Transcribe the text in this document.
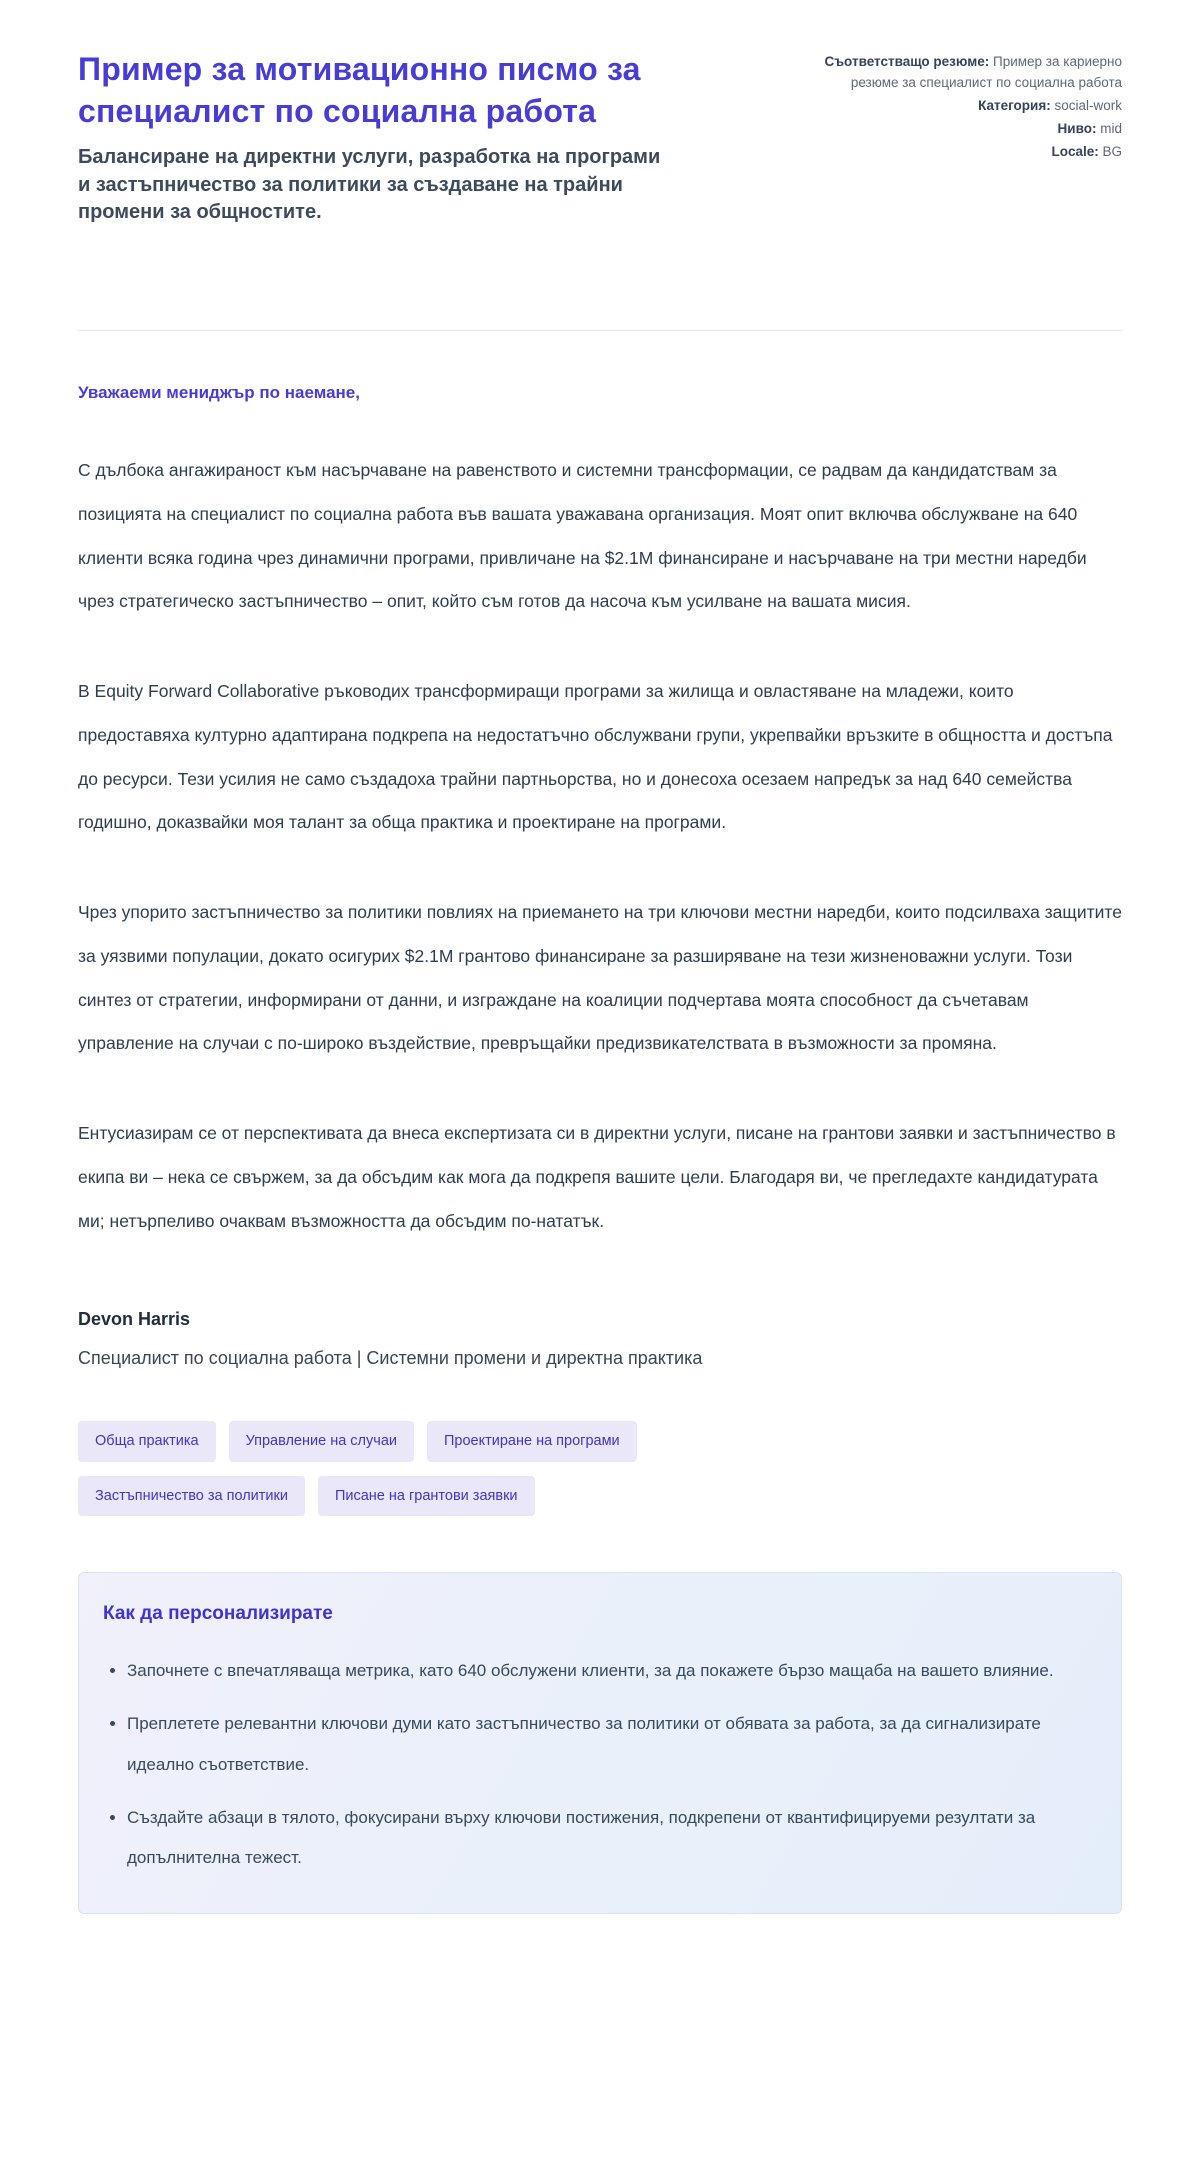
Пример за мотивационно писмо за специалист по социална работа

Балансиране на директни услуги, разработка на програми и застъпничество за политики за създаване на трайни промени за общностите.

Съответстващо резюме: Пример за кариерно резюме за специалист по социална работа
Категория: social-work
Ниво: mid
Locale: BG

Уважаеми мениджър по наемане,

С дълбока ангажираност към насърчаване на равенството и системни трансформации, се радвам да кандидатствам за позицията на специалист по социална работа във вашата уважавана организация. Моят опит включва обслужване на 640 клиенти всяка година чрез динамични програми, привличане на $2.1M финансиране и насърчаване на три местни наредби чрез стратегическо застъпничество – опит, който съм готов да насоча към усилване на вашата мисия.

В Equity Forward Collaborative ръководих трансформиращи програми за жилища и овластяване на младежи, които предоставяха културно адаптирана подкрепа на недостатъчно обслужвани групи, укрепвайки връзките в общността и достъпа до ресурси. Тези усилия не само създадоха трайни партньорства, но и донесоха осезаем напредък за над 640 семейства годишно, доказвайки моя талант за обща практика и проектиране на програми.

Чрез упорито застъпничество за политики повлиях на приемането на три ключови местни наредби, които подсилваха защитите за уязвими популации, докато осигурих $2.1M грантово финансиране за разширяване на тези жизненоважни услуги. Този синтез от стратегии, информирани от данни, и изграждане на коалиции подчертава моята способност да съчетавам управление на случаи с по-широко въздействие, превръщайки предизвикателствата в възможности за промяна.

Ентусиазирам се от перспективата да внеса експертизата си в директни услуги, писане на грантови заявки и застъпничество в екипа ви – нека се свържем, за да обсъдим как мога да подкрепя вашите цели. Благодаря ви, че прегледахте кандидатурата ми; нетърпеливо очаквам възможността да обсъдим по-нататък.

Devon Harris

Специалист по социална работа | Системни промени и директна практика

Обща практика	Управление на случаи	Проектиране на програми
Застъпничество за политики	Писане на грантови заявки
Как да персонализирате
• Започнете с впечатляваща метрика, като 640 обслужени клиенти, за да покажете бързо мащаба на вашето влияние.
• Преплетете релевантни ключови думи като застъпничество за политики от обявата за работа, за да сигнализирате идеално съответствие.
• Създайте абзаци в тялото, фокусирани върху ключови постижения, подкрепени от квантифицируеми резултати за допълнителна тежест.
